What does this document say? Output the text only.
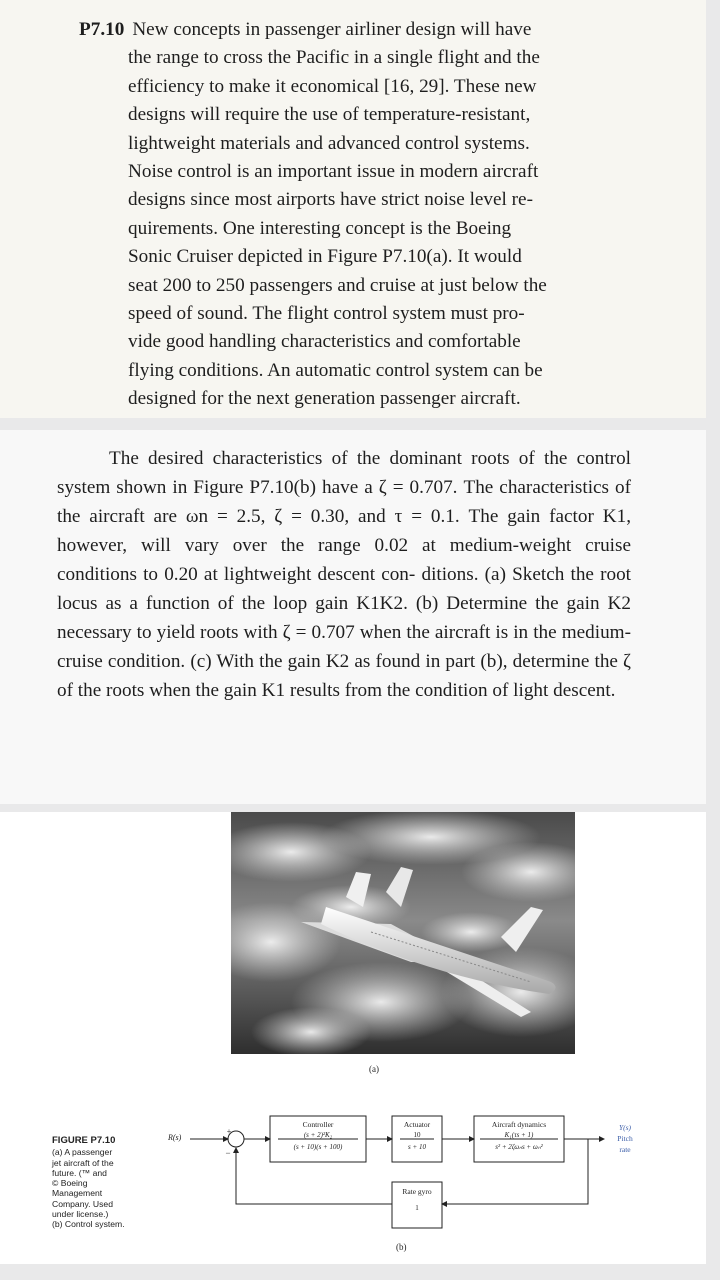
P7.10 New concepts in passenger airliner design will have
the range to cross the Pacific in a single flight and the
efficiency to make it economical [16, 29]. These new
designs will require the use of temperature-resistant,
lightweight materials and advanced control systems.
Noise control is an important issue in modern aircraft
designs since most airports have strict noise level re-
quirements. One interesting concept is the Boeing
Sonic Cruiser depicted in Figure P7.10(a). It would
seat 200 to 250 passengers and cruise at just below the
speed of sound. The flight control system must pro-
vide good handling characteristics and comfortable
flying conditions. An automatic control system can be
designed for the next generation passenger aircraft.
The desired characteristics of the dominant roots of the control system shown in Figure P7.10(b) have a ζ = 0.707. The characteristics of the aircraft are ωn = 2.5, ζ = 0.30, and τ = 0.1. The gain factor K1, however, will vary over the range 0.02 at medium-weight cruise conditions to 0.20 at lightweight descent con- ditions. (a) Sketch the root locus as a function of the loop gain K1K2. (b) Determine the gain K2 necessary to yield roots with ζ = 0.707 when the aircraft is in the medium-cruise condition. (c) With the gain K2 as found in part (b), determine the ζ of the roots when the gain K1 results from the condition of light descent.
(a)
FIGURE P7.10
(a) A passenger
jet aircraft of the
future. (™ and
© Boeing
Management
Company. Used
under license.)
(b) Control system.
R(s)
+
−
Controller
(s + 2)²K₂
(s + 10)(s + 100)
Actuator
10
s + 10
Aircraft dynamics
K₁(τs + 1)
s² + 2ζωₙs + ωₙ²
Rate gyro
1
Y(s)
Pitch
rate
(b)
